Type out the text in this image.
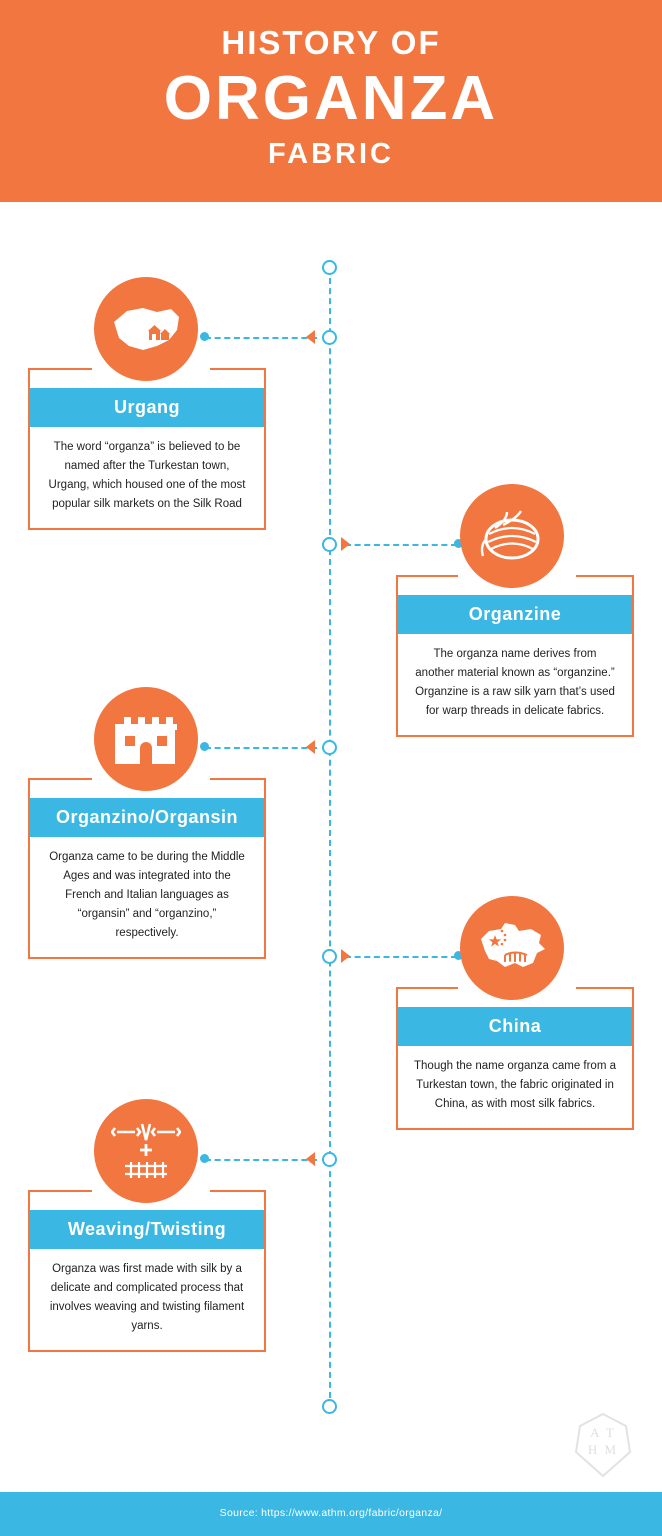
HISTORY OF
ORGANZA
FABRIC
Urgang
The word “organza” is believed to be named after the Turkestan town, Urgang, which housed one of the most popular silk markets on the Silk Road
Organzine
The organza name derives from another material known as “organzine.” Organzine is a raw silk yarn that’s used for warp threads in delicate fabrics.
Organzino/Organsin
Organza came to be during the Middle Ages and was integrated into the French and Italian languages as “organsin” and “organzino,” respectively.
China
Though the name organza came from a Turkestan town, the fabric originated in China, as with most silk fabrics.
Weaving/Twisting
Organza was first made with silk by a delicate and complicated process that involves weaving and twisting filament yarns.
A T
H M
Source: https://www.athm.org/fabric/organza/
